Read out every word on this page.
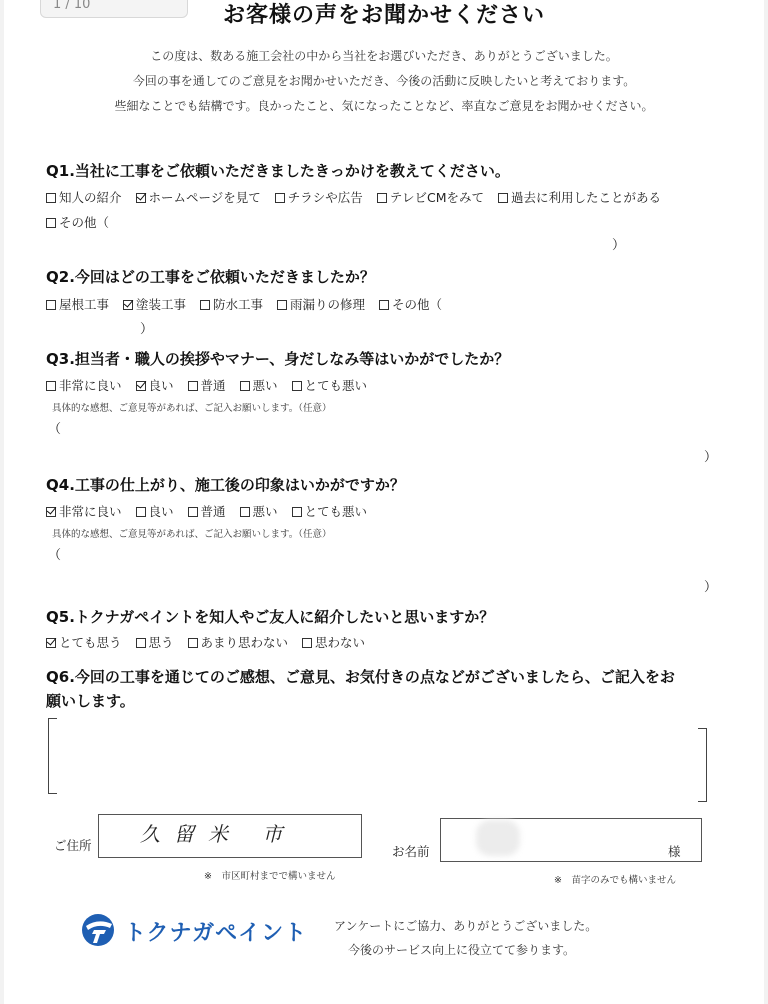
1 / 10	お客様の声をお聞かせください
この度は、数ある施工会社の中から当社をお選びいただき、ありがとうございました。
今回の事を通してのご意見をお聞かせいただき、今後の活動に反映したいと考えております。
些細なことでも結構です。良かったこと、気になったことなど、率直なご意見をお聞かせください。
Q1.当社に工事をご依頼いただきましたきっかけを教えてください。
知人の紹介 ホームページを見て チラシや広告 テレビCMをみて 過去に利用したことがある
その他（
）
Q2.今回はどの工事をご依頼いただきましたか？
屋根工事 塗装工事 防水工事 雨漏りの修理 その他（
）
Q3.担当者・職人の挨拶やマナー、身だしなみ等はいかがでしたか？
非常に良い 良い 普通 悪い とても悪い
具体的な感想、ご意見等があれば、ご記入お願いします。（任意）
（
）
Q4.工事の仕上がり、施工後の印象はいかがですか？
非常に良い 良い 普通 悪い とても悪い
具体的な感想、ご意見等があれば、ご記入お願いします。（任意）
（
）
Q5.トクナガペイントを知人やご友人に紹介したいと思いますか？
とても思う 思う あまり思わない 思わない
Q6.今回の工事を通じてのご感想、ご意見、お気付きの点などがございましたら、ご記入をお
願いします。
ご住所 久留米 市
※　市区町村までで構いません
お名前	様
※　苗字のみでも構いません
トクナガペイント アンケートにご協力、ありがとうございました。
今後のサービス向上に役立てて参ります。
